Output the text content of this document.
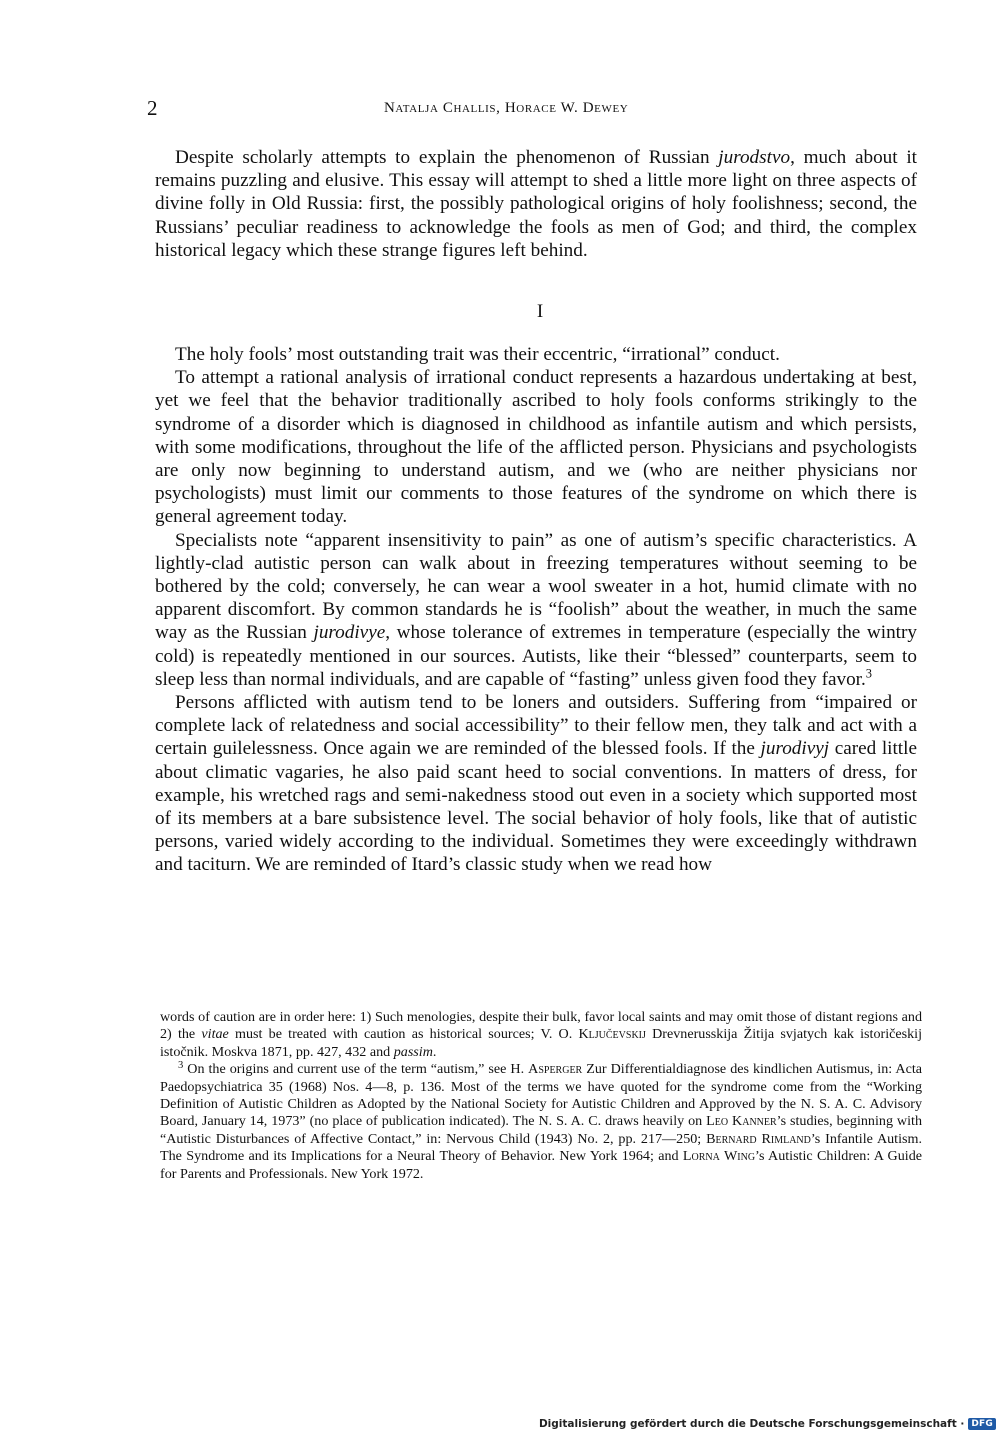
2	Natalja Challis, Horace W. Dewey

Despite scholarly attempts to explain the phenomenon of Russian jurodstvo, much about it remains puzzling and elusive. This essay will attempt to shed a little more light on three aspects of divine folly in Old Russia: first, the possibly pathological origins of holy foolishness; second, the Russians’ peculiar readiness to acknowledge the fools as men of God; and third, the complex historical legacy which these strange figures left behind.

I

The holy fools’ most outstanding trait was their eccentric, “irrational” conduct.

To attempt a rational analysis of irrational conduct represents a hazardous undertaking at best, yet we feel that the behavior traditionally ascribed to holy fools conforms strikingly to the syndrome of a disorder which is diagnosed in childhood as infantile autism and which persists, with some modifications, throughout the life of the afflicted person. Physicians and psychologists are only now beginning to understand autism, and we (who are neither physicians nor psychologists) must limit our comments to those features of the syndrome on which there is general agreement today.

Specialists note “apparent insensitivity to pain” as one of autism’s specific characteristics. A lightly-clad autistic person can walk about in freezing temperatures without seeming to be bothered by the cold; conversely, he can wear a wool sweater in a hot, humid climate with no apparent discomfort. By common standards he is “foolish” about the weather, in much the same way as the Russian jurodivye, whose tolerance of extremes in temperature (especially the wintry cold) is repeatedly mentioned in our sources. Autists, like their “blessed” counterparts, seem to sleep less than normal individuals, and are capable of “fasting” unless given food they favor.$^3$

Persons afflicted with autism tend to be loners and outsiders. Suffering from “impaired or complete lack of relatedness and social accessibility” to their fellow men, they talk and act with a certain guilelessness. Once again we are reminded of the blessed fools. If the jurodivyj cared little about climatic vagaries, he also paid scant heed to social conventions. In matters of dress, for example, his wretched rags and semi-nakedness stood out even in a society which supported most of its members at a bare subsistence level. The social behavior of holy fools, like that of autistic persons, varied widely according to the individual. Sometimes they were exceedingly withdrawn and taciturn. We are reminded of Itard’s classic study when we read how

words of caution are in order here: 1) Such menologies, despite their bulk, favor local saints and may omit those of distant regions and 2) the vitae must be treated with caution as historical sources; V. O. Ključevskij Drevnerusskija Žitija svjatych kak istoričeskij istočnik. Moskva 1871, pp. 427, 432 and passim.

$^3$ On the origins and current use of the term “autism,” see H. Asperger Zur Differentialdiagnose des kindlichen Autismus, in: Acta Paedopsychiatrica 35 (1968) Nos. 4—8, p. 136. Most of the terms we have quoted for the syndrome come from the “Working Definition of Autistic Children as Adopted by the National Society for Autistic Children and Approved by the N. S. A. C. Advisory Board, January 14, 1973” (no place of publication indicated). The N. S. A. C. draws heavily on Leo Kanner’s studies, beginning with “Autistic Disturbances of Affective Contact,” in: Nervous Child (1943) No. 2, pp. 217—250; Bernard Rimland’s Infantile Autism. The Syndrome and its Implications for a Neural Theory of Behavior. New York 1964; and Lorna Wing’s Autistic Children: A Guide for Parents and Professionals. New York 1972.

Digitalisierung gefördert durch die Deutsche Forschungsgemeinschaft · DFG
